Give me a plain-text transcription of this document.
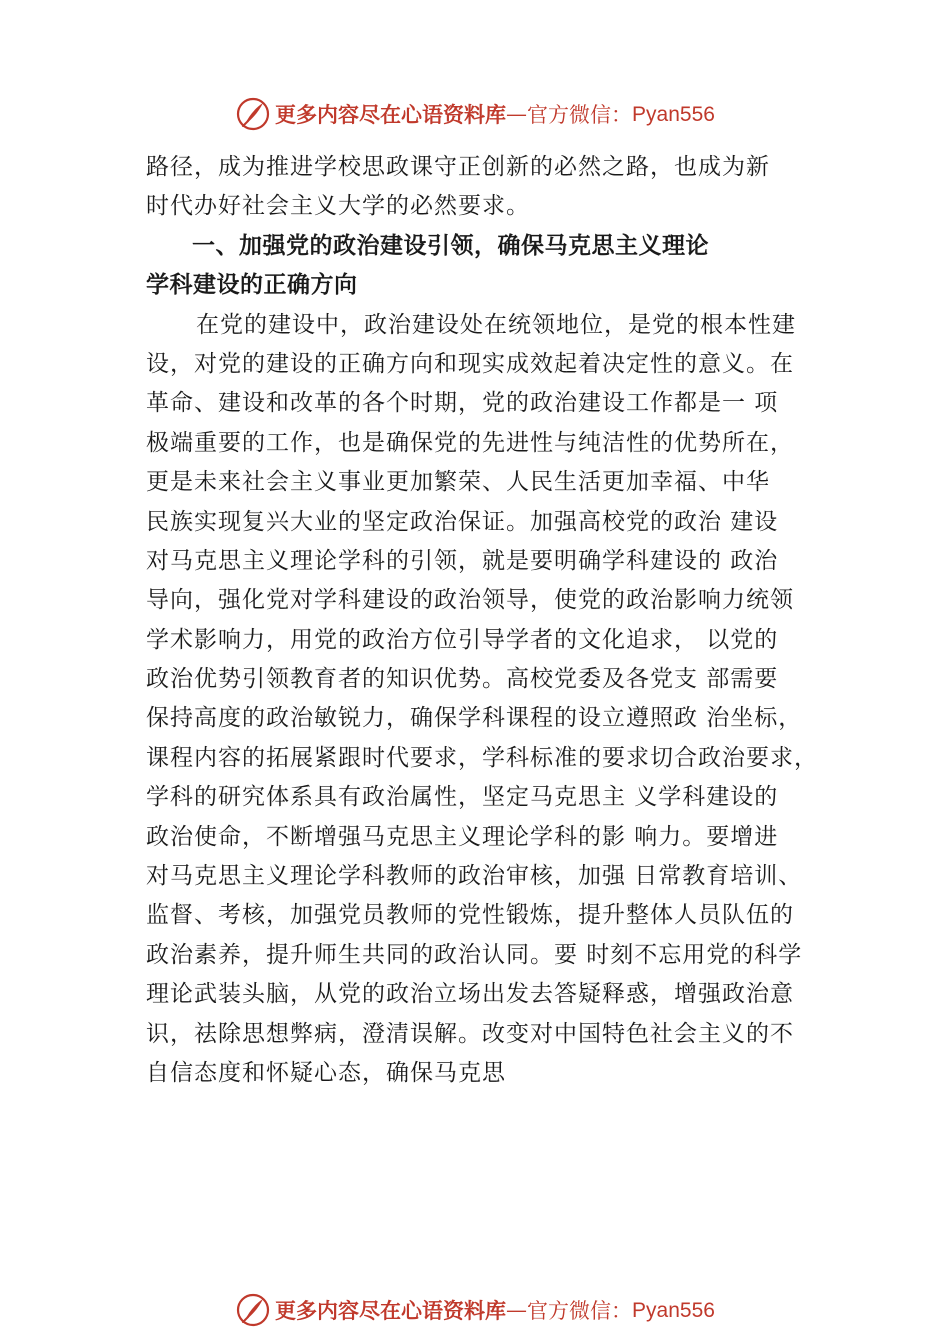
更多内容尽在心语资料库 — 官方微信： Pyan556
路径，成为推进学校思政课守正创新的必然之路，也成为新
时代办好社会主义大学的必然要求。
一、加强党的政治建设引领，确保马克思主义理论
学科建设的正确方向
在党的建设中，政治建设处在统领地位，是党的根本性建
设，对党的建设的正确方向和现实成效起着决定性的意义。在
革命、建设和改革的各个时期，党的政治建设工作都是一 项
极端重要的工作，也是确保党的先进性与纯洁性的优势所在，
更是未来社会主义事业更加繁荣、人民生活更加幸福、中华
民族实现复兴大业的坚定政治保证。加强高校党的政治 建设
对马克思主义理论学科的引领，就是要明确学科建设的 政治
导向，强化党对学科建设的政治领导，使党的政治影响力统领
学术影响力，用党的政治方位引导学者的文化追求， 以党的
政治优势引领教育者的知识优势。高校党委及各党支 部需要
保持高度的政治敏锐力，确保学科课程的设立遵照政 治坐标，
课程内容的拓展紧跟时代要求，学科标准的要求切合政治要求，
学科的研究体系具有政治属性，坚定马克思主 义学科建设的
政治使命，不断增强马克思主义理论学科的影 响力。要增进
对马克思主义理论学科教师的政治审核，加强 日常教育培训、
监督、考核，加强党员教师的党性锻炼，提升整体人员队伍的
政治素养，提升师生共同的政治认同。要 时刻不忘用党的科学
理论武装头脑，从党的政治立场出发去答疑释惑，增强政治意
识，祛除思想弊病，澄清误解。改变对中国特色社会主义的不
自信态度和怀疑心态，确保马克思
更多内容尽在心语资料库 — 官方微信： Pyan556
